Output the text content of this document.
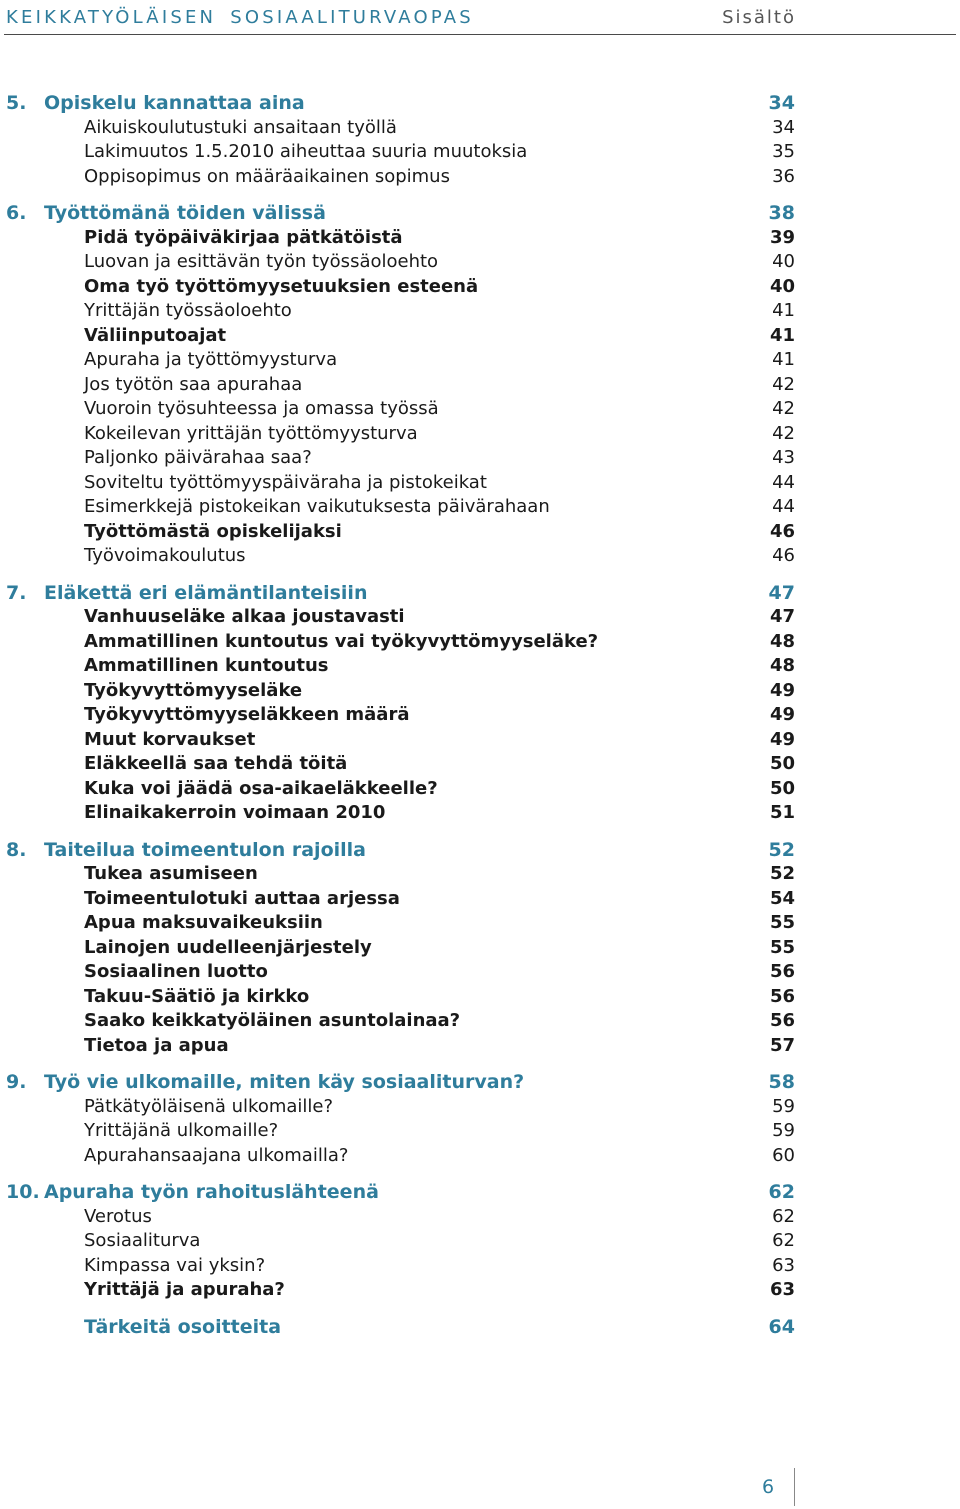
KEIKKATYÖLÄISEN SOSIAALITURVAOPAS	Sisältö
5. Opiskelu kannattaa aina	34
Aikuiskoulutustuki ansaitaan työllä	34
Lakimuutos 1.5.2010 aiheuttaa suuria muutoksia	35
Oppisopimus on määräaikainen sopimus	36
6. Työttömänä töiden välissä	38
Pidä työpäiväkirjaa pätkätöistä	39
Luovan ja esittävän työn työssäoloehto	40
Oma työ työttömyysetuuksien esteenä	40
Yrittäjän työssäoloehto	41
Väliinputoajat	41
Apuraha ja työttömyysturva	41
Jos työtön saa apurahaa	42
Vuoroin työsuhteessa ja omassa työssä	42
Kokeilevan yrittäjän työttömyysturva	42
Paljonko päivärahaa saa?	43
Soviteltu työttömyyspäiväraha ja pistokeikat	44
Esimerkkejä pistokeikan vaikutuksesta päivärahaan	44
Työttömästä opiskelijaksi	46
Työvoimakoulutus	46
7. Eläkettä eri elämäntilanteisiin	47
Vanhuuseläke alkaa joustavasti	47
Ammatillinen kuntoutus vai työkyvyttömyyseläke?	48
Ammatillinen kuntoutus	48
Työkyvyttömyyseläke	49
Työkyvyttömyyseläkkeen määrä	49
Muut korvaukset	49
Eläkkeellä saa tehdä töitä	50
Kuka voi jäädä osa-aikaeläkkeelle?	50
Elinaikakerroin voimaan 2010	51
8. Taiteilua toimeentulon rajoilla	52
Tukea asumiseen	52
Toimeentulotuki auttaa arjessa	54
Apua maksuvaikeuksiin	55
Lainojen uudelleenjärjestely	55
Sosiaalinen luotto	56
Takuu-Säätiö ja kirkko	56
Saako keikkatyöläinen asuntolainaa?	56
Tietoa ja apua	57
9. Työ vie ulkomaille, miten käy sosiaaliturvan?	58
Pätkätyöläisenä ulkomaille?	59
Yrittäjänä ulkomaille?	59
Apurahansaajana ulkomailla?	60
10. Apuraha työn rahoituslähteenä	62
Verotus	62
Sosiaaliturva	62
Kimpassa vai yksin?	63
Yrittäjä ja apuraha?	63
Tärkeitä osoitteita	64
6
